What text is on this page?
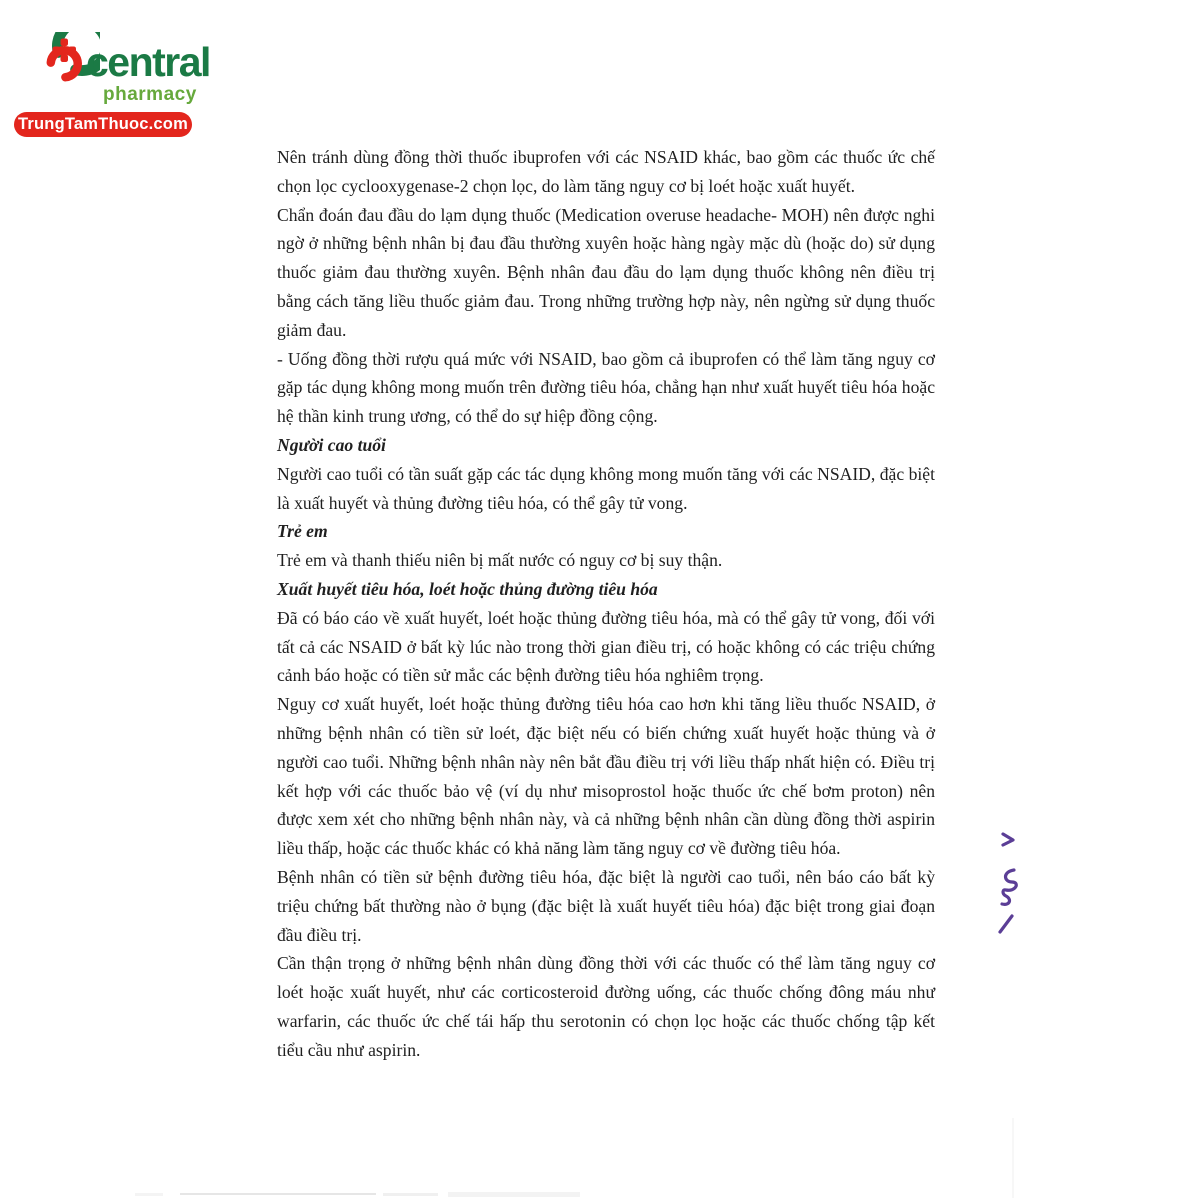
central
pharmacy
TrungTamThuoc.com
Nên tránh dùng đồng thời thuốc ibuprofen với các NSAID khác, bao gồm các thuốc ức chế chọn lọc cyclooxygenase-2 chọn lọc, do làm tăng nguy cơ bị loét hoặc xuất huyết.
Chẩn đoán đau đầu do lạm dụng thuốc (Medication overuse headache- MOH) nên được nghi ngờ ở những bệnh nhân bị đau đầu thường xuyên hoặc hàng ngày mặc dù (hoặc do) sử dụng thuốc giảm đau thường xuyên. Bệnh nhân đau đầu do lạm dụng thuốc không nên điều trị bằng cách tăng liều thuốc giảm đau. Trong những trường hợp này, nên ngừng sử dụng thuốc giảm đau.
- Uống đồng thời rượu quá mức với NSAID, bao gồm cả ibuprofen có thể làm tăng nguy cơ gặp tác dụng không mong muốn trên đường tiêu hóa, chẳng hạn như xuất huyết tiêu hóa hoặc hệ thần kinh trung ương, có thể do sự hiệp đồng cộng.
Người cao tuổi
Người cao tuổi có tần suất gặp các tác dụng không mong muốn tăng với các NSAID, đặc biệt là xuất huyết và thủng đường tiêu hóa, có thể gây tử vong.
Trẻ em
Trẻ em và thanh thiếu niên bị mất nước có nguy cơ bị suy thận.
Xuất huyết tiêu hóa, loét hoặc thủng đường tiêu hóa
Đã có báo cáo về xuất huyết, loét hoặc thủng đường tiêu hóa, mà có thể gây tử vong, đối với tất cả các NSAID ở bất kỳ lúc nào trong thời gian điều trị, có hoặc không có các triệu chứng cảnh báo hoặc có tiền sử mắc các bệnh đường tiêu hóa nghiêm trọng.
Nguy cơ xuất huyết, loét hoặc thủng đường tiêu hóa cao hơn khi tăng liều thuốc NSAID, ở những bệnh nhân có tiền sử loét, đặc biệt nếu có biến chứng xuất huyết hoặc thủng và ở người cao tuổi. Những bệnh nhân này nên bắt đầu điều trị với liều thấp nhất hiện có. Điều trị kết hợp với các thuốc bảo vệ (ví dụ như misoprostol hoặc thuốc ức chế bơm proton) nên được xem xét cho những bệnh nhân này, và cả những bệnh nhân cần dùng đồng thời aspirin liều thấp, hoặc các thuốc khác có khả năng làm tăng nguy cơ về đường tiêu hóa.
Bệnh nhân có tiền sử bệnh đường tiêu hóa, đặc biệt là người cao tuổi, nên báo cáo bất kỳ triệu chứng bất thường nào ở bụng (đặc biệt là xuất huyết tiêu hóa) đặc biệt trong giai đoạn đầu điều trị.
Cần thận trọng ở những bệnh nhân dùng đồng thời với các thuốc có thể làm tăng nguy cơ loét hoặc xuất huyết, như các corticosteroid đường uống, các thuốc chống đông máu như warfarin, các thuốc ức chế tái hấp thu serotonin có chọn lọc hoặc các thuốc chống tập kết tiểu cầu như aspirin.
